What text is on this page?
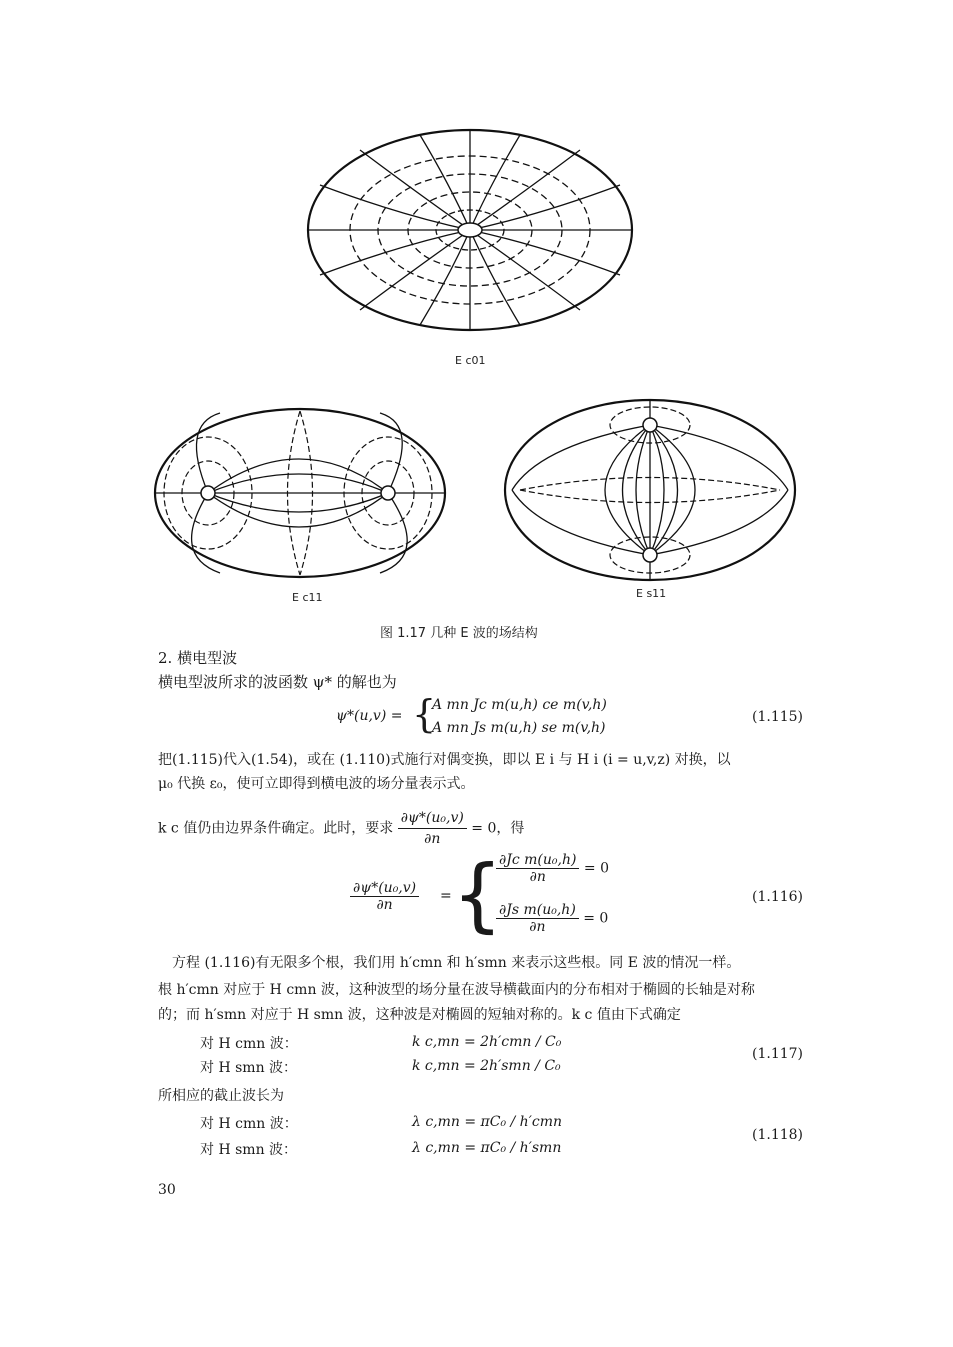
E c01
E c11	E s11
图 1.17 几种 E 波的场结构
2. 横电型波
横电型波所求的波函数 ψ* 的解也为
ψ*(u,v) = {
A mn Jc m(u,h) ce m(v,h)
A mn Js m(u,h) se m(v,h)
(1.115)
把(1.115)代入(1.54)，或在 (1.110)式施行对偶变换，即以 E i 与 H i (i = u,v,z) 对换，以
μ₀ 代换 ε₀，使可立即得到横电波的场分量表示式。
k c 值仍由边界条件确定。此时，要求 $\frac{\text{∂ψ*(u₀,v)}}{\partial n} = 0$，得
$\frac{\text{∂ψ*(u₀,v)}}{\partial n}$ = {
$\frac{\text{∂Jc m(u₀,h)}}{\partial n} = 0$
$\frac{\text{∂Js m(u₀,h)}}{\partial n} = 0$
(1.116)
方程 (1.116)有无限多个根，我们用 h′cmn 和 h′smn 来表示这些根。同 E 波的情况一样。
根 h′cmn 对应于 H cmn 波，这种波型的场分量在波导横截面内的分布相对于椭圆的长轴是对称
的；而 h′smn 对应于 H smn 波，这种波是对椭圆的短轴对称的。k c 值由下式确定
对 H cmn 波：	k c,mn = 2h′cmn / C₀
对 H smn 波：	k c,mn = 2h′smn / C₀
(1.117)
所相应的截止波长为
对 H cmn 波：	λ c,mn = πC₀ / h′cmn
对 H smn 波：	λ c,mn = πC₀ / h′smn
(1.118)
30
